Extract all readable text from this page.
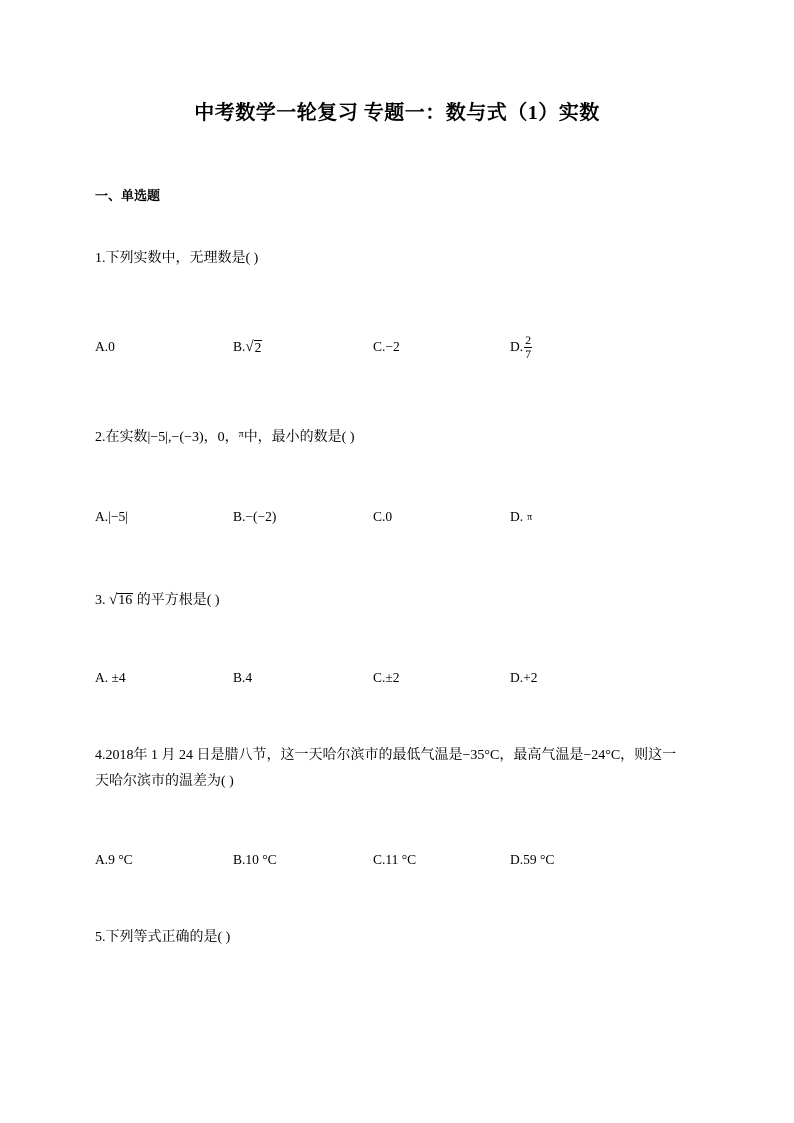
中考数学一轮复习 专题一：数与式（1）实数
一、单选题
1.下列实数中，无理数是( )
A.0	B. √ 2	C.−2	D. $\frac{2}{7}$
2.在实数|−5|,−(−3)，0，$^\pi$中，最小的数是( )
A. |−5|	B. −(−2)	C.0	D. π
3. √ 16 的平方根是( )
A. ±4	B.4	C.±2	D.+2
4.2018年 1 月 24 日是腊八节，这一天哈尔滨市的最低气温是−35°C，最高气温是−24°C，则这一
天哈尔滨市的温差为( )
A.9 °C	B.10 °C	C.11 °C	D.59 °C
5.下列等式正确的是( )
